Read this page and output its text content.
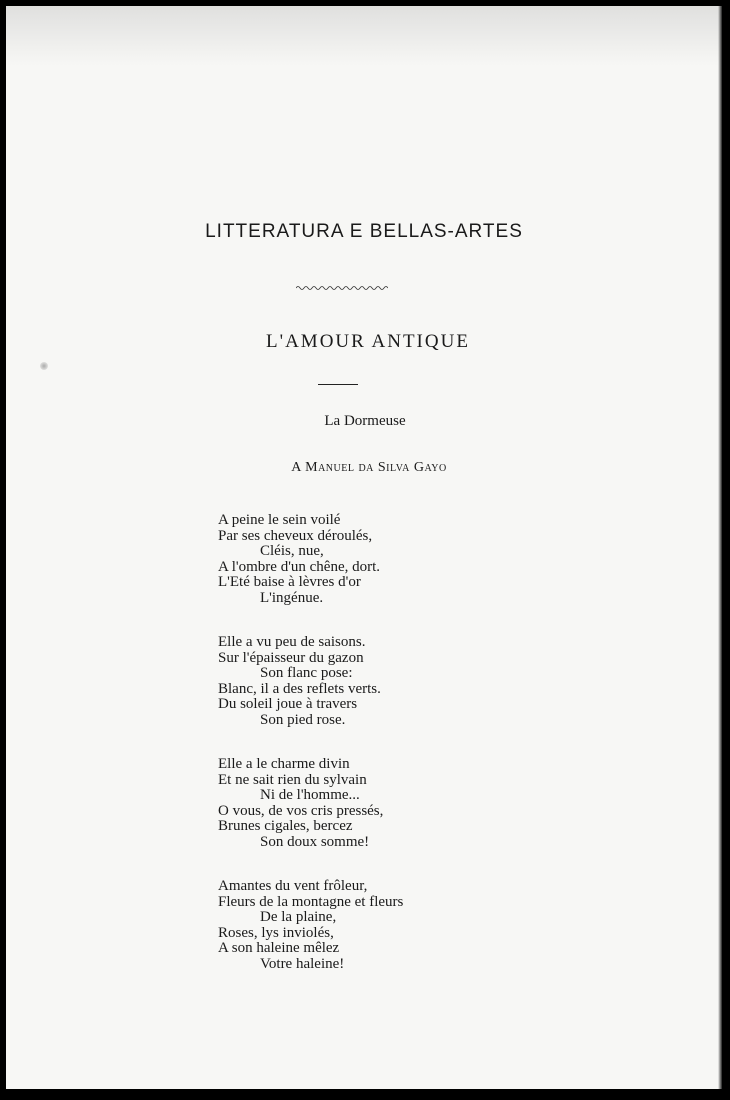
LITTERATURA E BELLAS-ARTES
L'AMOUR ANTIQUE
La Dormeuse
A Manuel da Silva Gayo
A peine le sein voilé
Par ses cheveux déroulés,
Cléis, nue,
A l'ombre d'un chêne, dort.
L'Eté baise à lèvres d'or
L'ingénue.
Elle a vu peu de saisons.
Sur l'épaisseur du gazon
Son flanc pose:
Blanc, il a des reflets verts.
Du soleil joue à travers
Son pied rose.
Elle a le charme divin
Et ne sait rien du sylvain
Ni de l'homme...
O vous, de vos cris pressés,
Brunes cigales, bercez
Son doux somme!
Amantes du vent frôleur,
Fleurs de la montagne et fleurs
De la plaine,
Roses, lys inviolés,
A son haleine mêlez
Votre haleine!
